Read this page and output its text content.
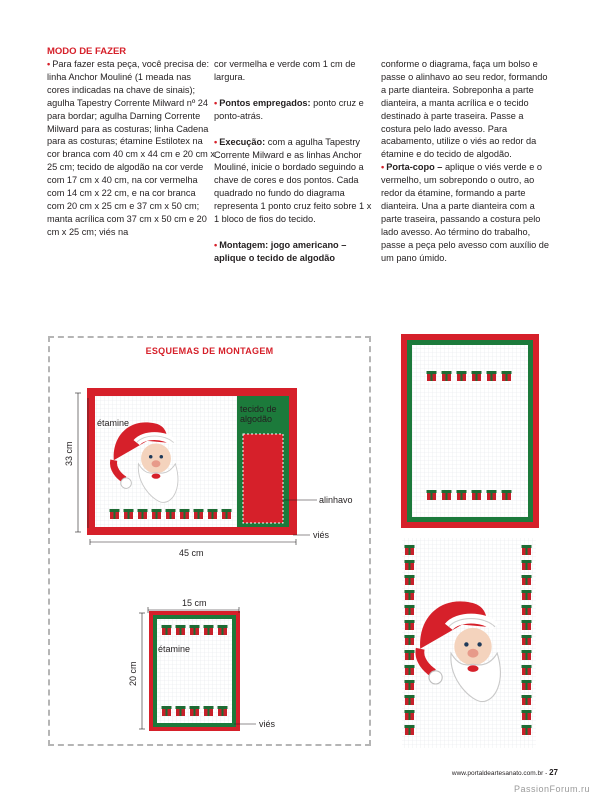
MODO DE FAZER

• Para fazer esta peça, você precisa de: linha Anchor Mouliné (1 meada nas cores indicadas na chave de sinais); agulha Tapestry Corrente Milward nº 24 para bordar; agulha Darning Corrente Milward para as costuras; linha Cadena para as costuras; étamine Estilotex na cor branca com 40 cm x 44 cm e 20 cm x 25 cm; tecido de algodão na cor verde com 17 cm x 40 cm, na cor vermelha com 14 cm x 22 cm, e na cor branca com 20 cm x 25 cm e 37 cm x 50 cm; manta acrílica com 37 cm x 50 cm e 20 cm x 25 cm; viés na

cor vermelha e verde com 1 cm de largura.

• Pontos empregados: ponto cruz e ponto-atrás.

• Execução: com a agulha Tapestry Corrente Milward e as linhas Anchor Mouliné, inicie o bordado seguindo a chave de cores e dos pontos. Cada quadrado no fundo do diagrama representa 1 ponto cruz feito sobre 1 x 1 bloco de fios do tecido.

• Montagem: jogo americano – aplique o tecido de algodão

conforme o diagrama, faça um bolso e passe o alinhavo ao seu redor, formando a parte dianteira. Sobreponha a parte dianteira, a manta acrílica e o tecido destinado à parte traseira. Passe a costura pelo lado avesso. Para acabamento, utilize o viés ao redor da étamine e do tecido de algodão.

• Porta-copo – aplique o viés verde e o vermelho, um sobrepondo o outro, ao redor da étamine, formando a parte dianteira. Una a parte dianteira com a parte traseira, passando a costura pelo lado avesso. Ao término do trabalho, passe a peça pelo avesso com auxílio de um pano úmido.

ESQUEMAS DE MONTAGEM
étamine
tecido de algodão
alinhavo
viés
45 cm
33 cm
étamine
viés
15 cm
20 cm
www.portaldeartesanato.com.br - 27
PassionForum.ru
